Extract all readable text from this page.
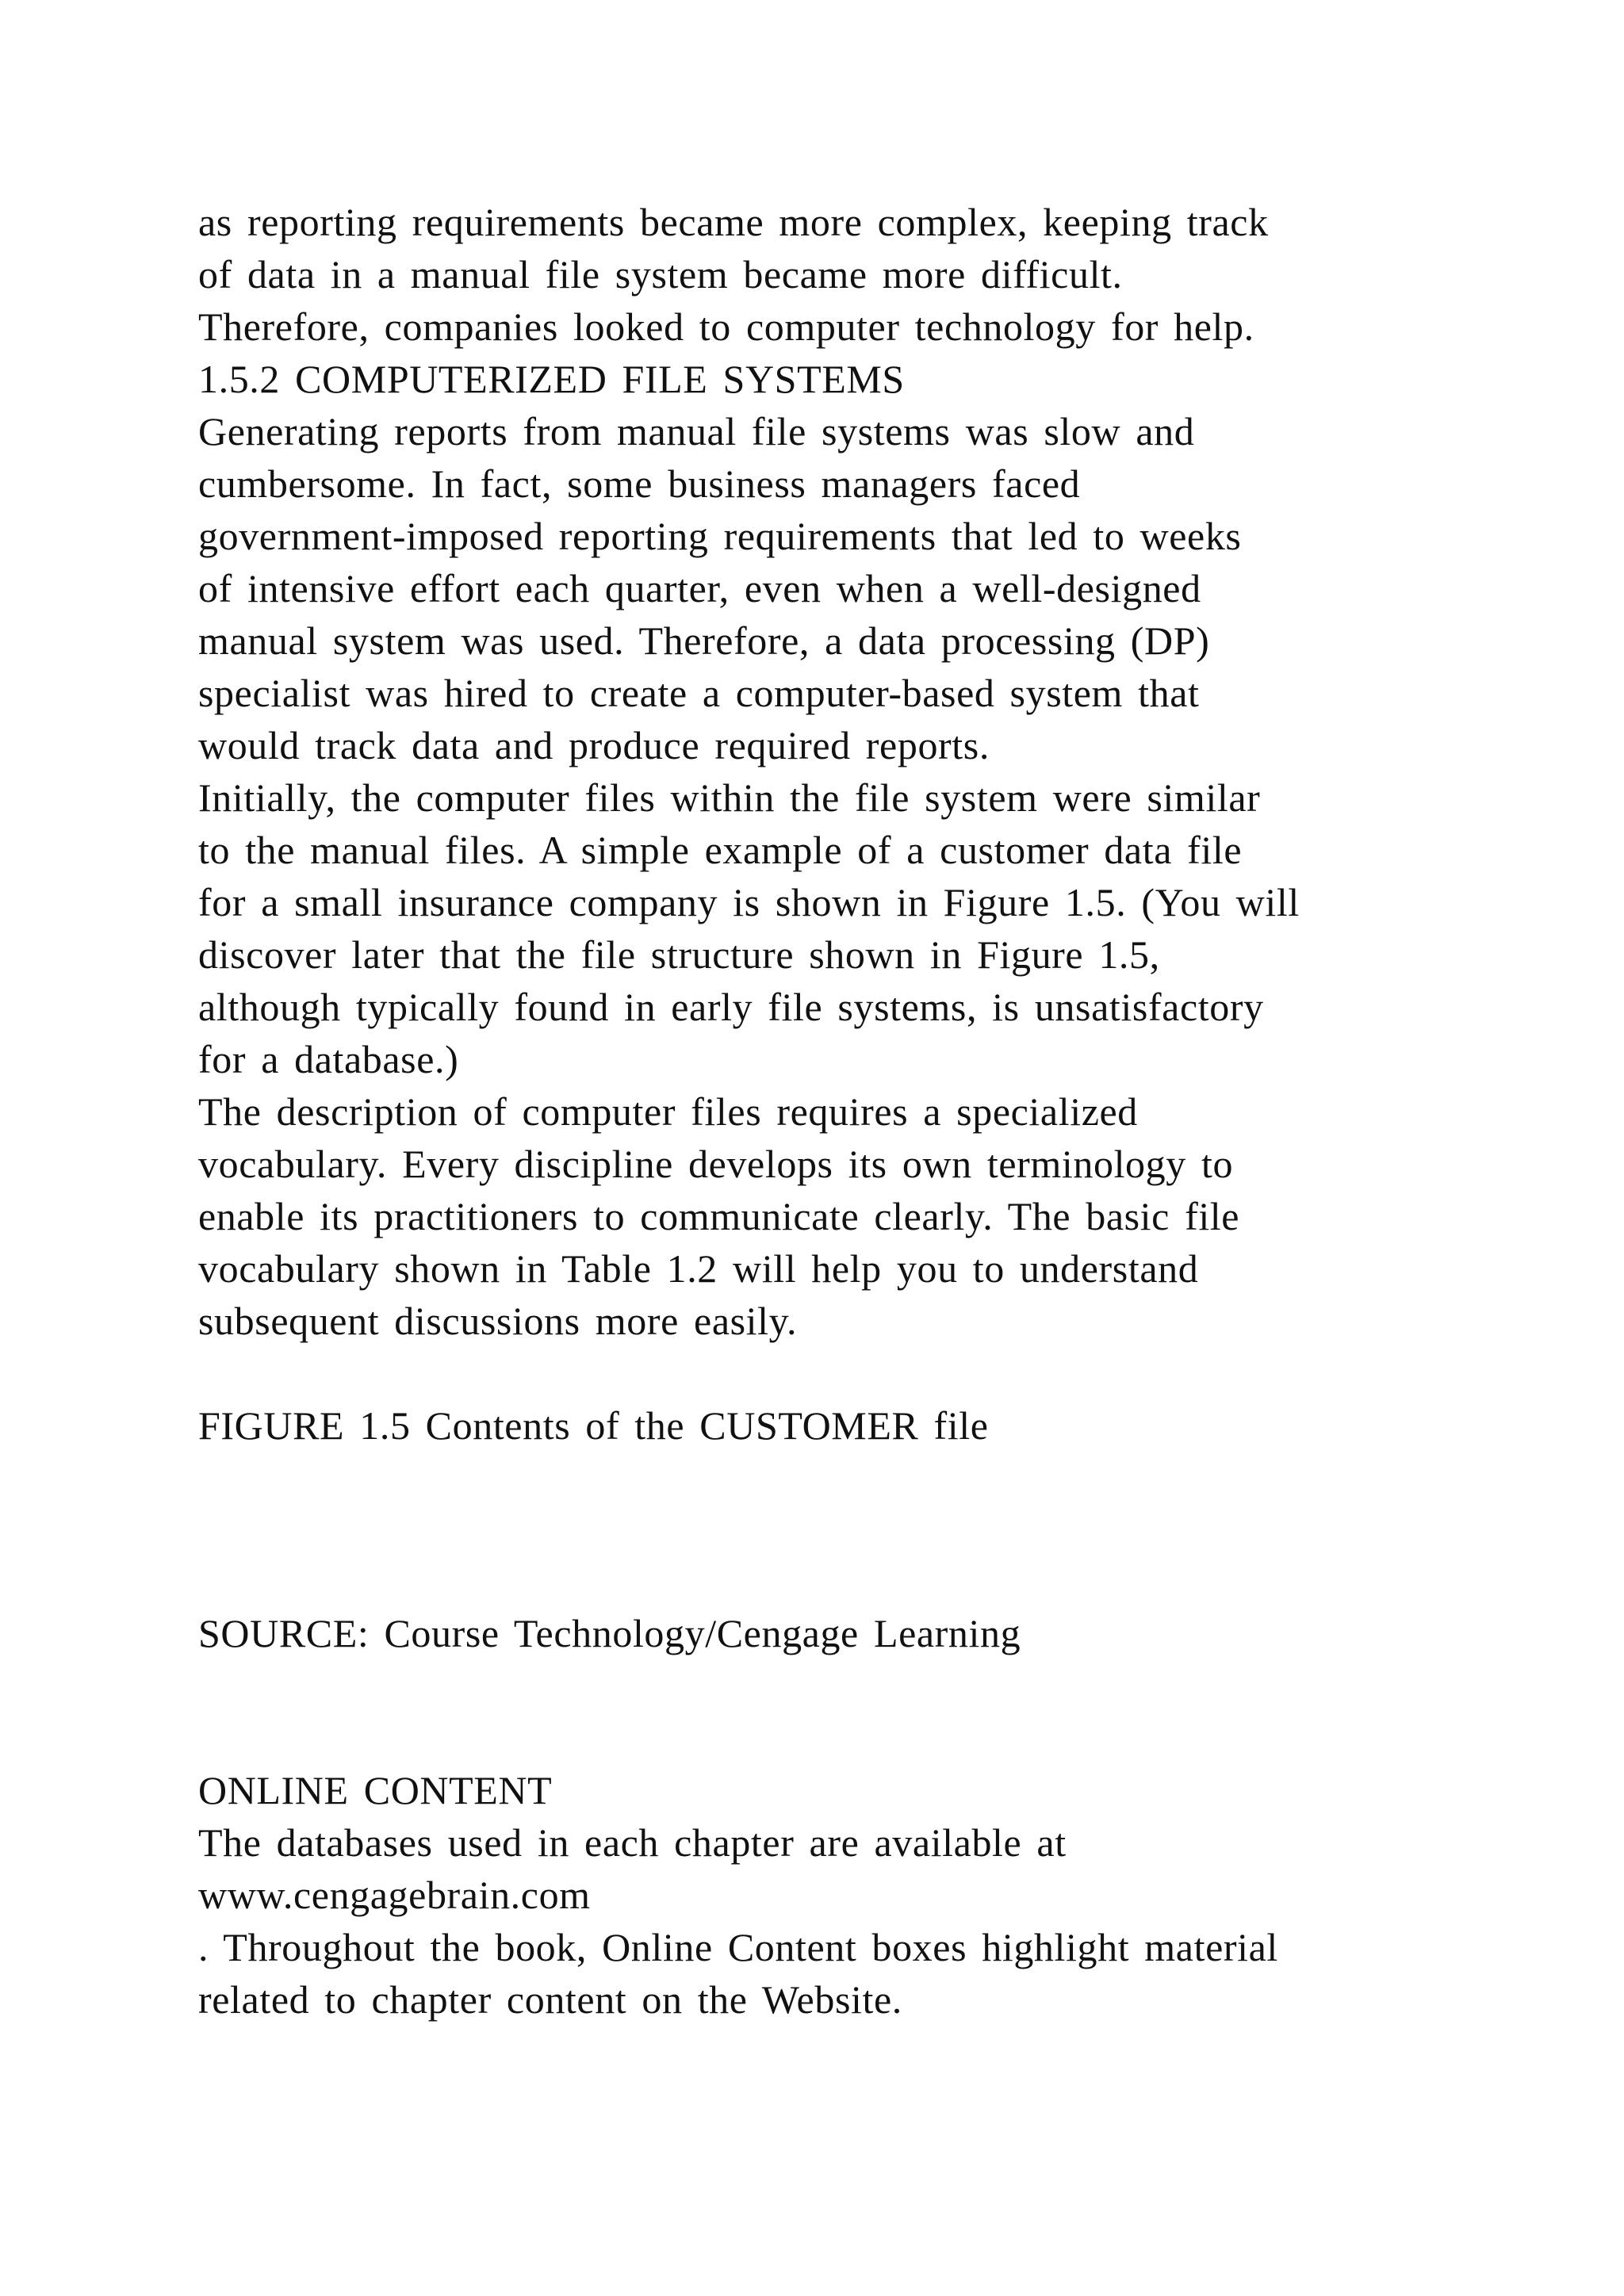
as reporting requirements became more complex, keeping track

of data in a manual file system became more difficult.

Therefore, companies looked to computer technology for help.

1.5.2 COMPUTERIZED FILE SYSTEMS

Generating reports from manual file systems was slow and

cumbersome. In fact, some business managers faced

government-imposed reporting requirements that led to weeks

of intensive effort each quarter, even when a well-designed

manual system was used. Therefore, a data processing (DP)

specialist was hired to create a computer-based system that

would track data and produce required reports.

Initially, the computer files within the file system were similar

to the manual files. A simple example of a customer data file

for a small insurance company is shown in Figure 1.5. (You will

discover later that the file structure shown in Figure 1.5,

although typically found in early file systems, is unsatisfactory

for a database.)

The description of computer files requires a specialized

vocabulary. Every discipline develops its own terminology to

enable its practitioners to communicate clearly. The basic file

vocabulary shown in Table 1.2 will help you to understand

subsequent discussions more easily.

FIGURE 1.5 Contents of the CUSTOMER file

SOURCE: Course Technology/Cengage Learning

ONLINE CONTENT

The databases used in each chapter are available at

www.cengagebrain.com

. Throughout the book, Online Content boxes highlight material

related to chapter content on the Website.
